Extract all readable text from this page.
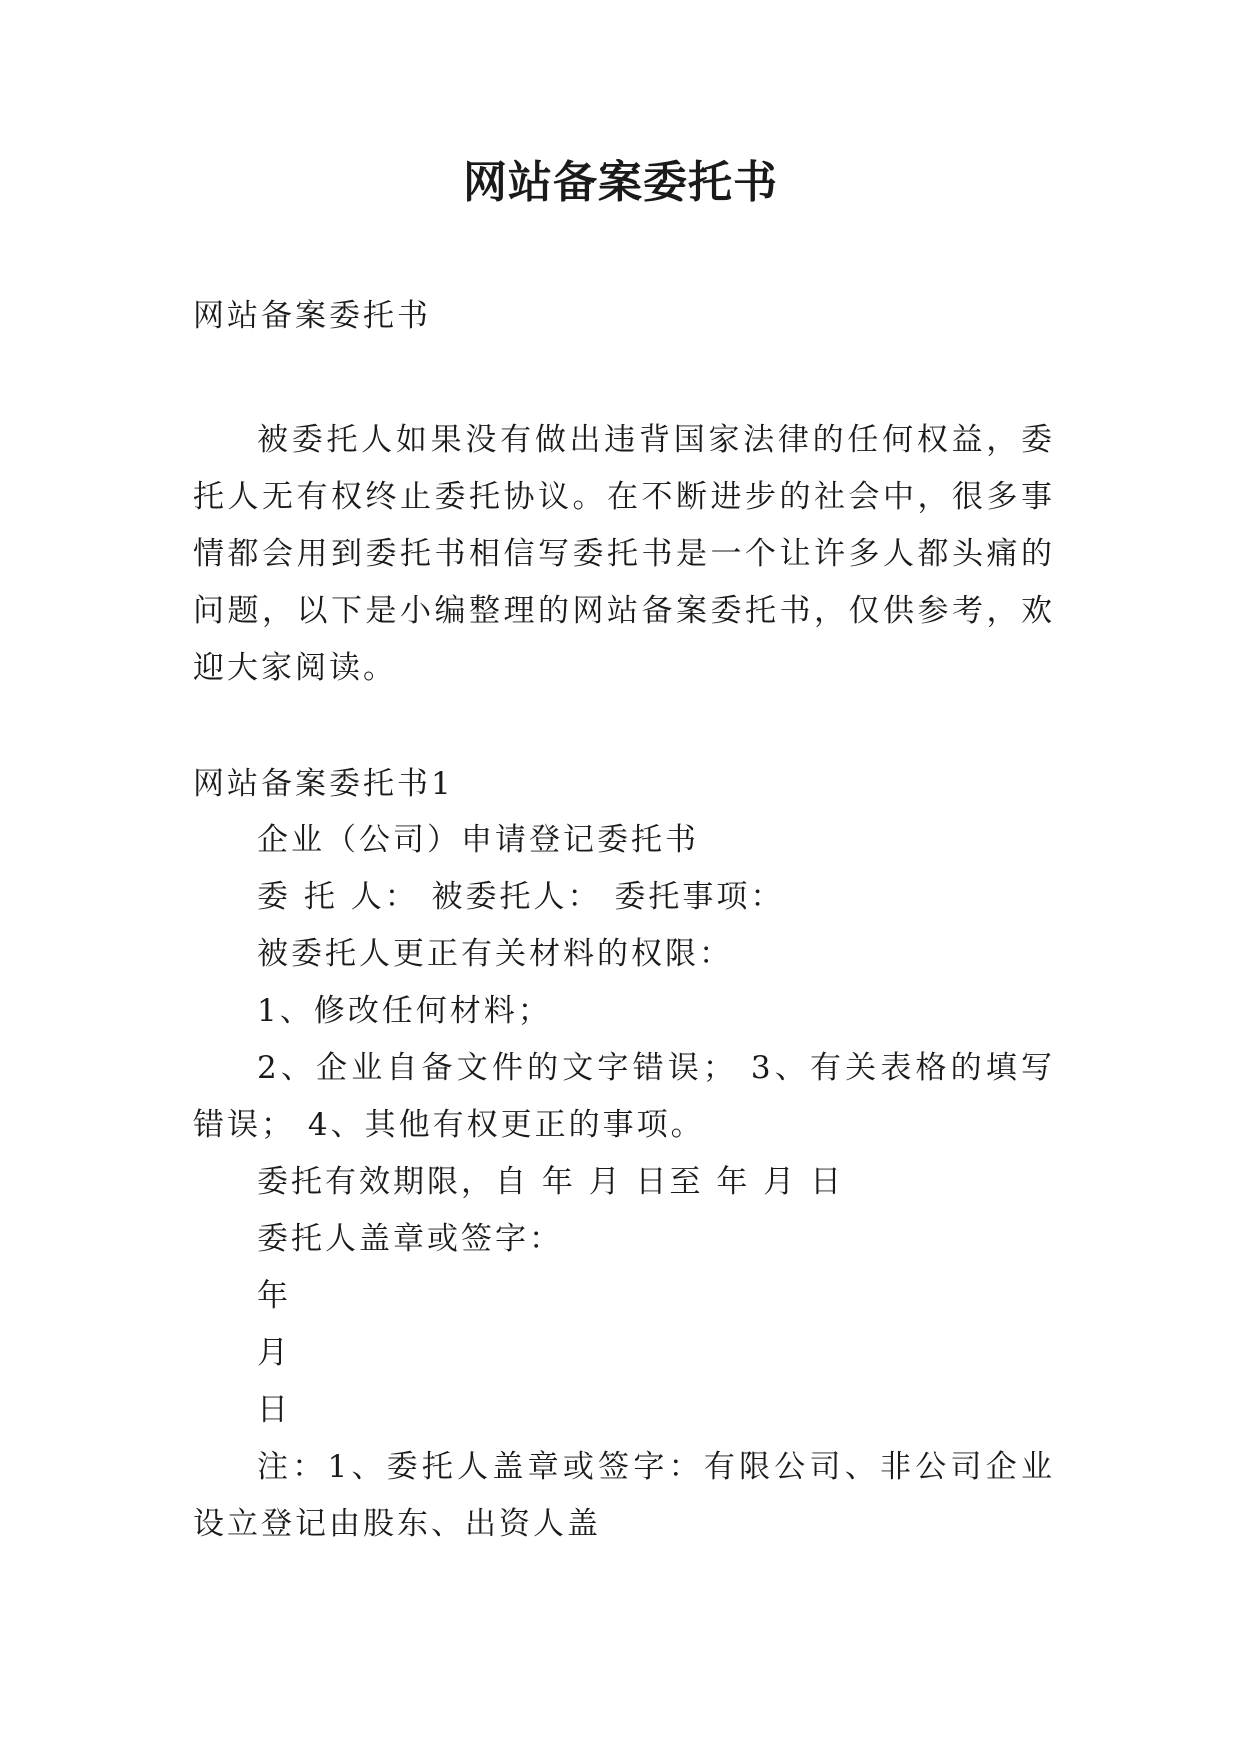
网站备案委托书

网站备案委托书

被委托人如果没有做出违背国家法律的任何权益，委托人无有权终止委托协议。在不断进步的社会中，很多事情都会用到委托书相信写委托书是一个让许多人都头痛的问题，以下是小编整理的网站备案委托书，仅供参考，欢迎大家阅读。

网站备案委托书1

企业（公司）申请登记委托书

委 托 人： 被委托人： 委托事项：

被委托人更正有关材料的权限：

1、修改任何材料；

2、企业自备文件的文字错误； 3、有关表格的填写错误； 4、其他有权更正的事项。

委托有效期限，自 年 月 日至 年 月 日

委托人盖章或签字：

年

月

日

注：1、委托人盖章或签字：有限公司、非公司企业设立登记由股东、出资人盖
